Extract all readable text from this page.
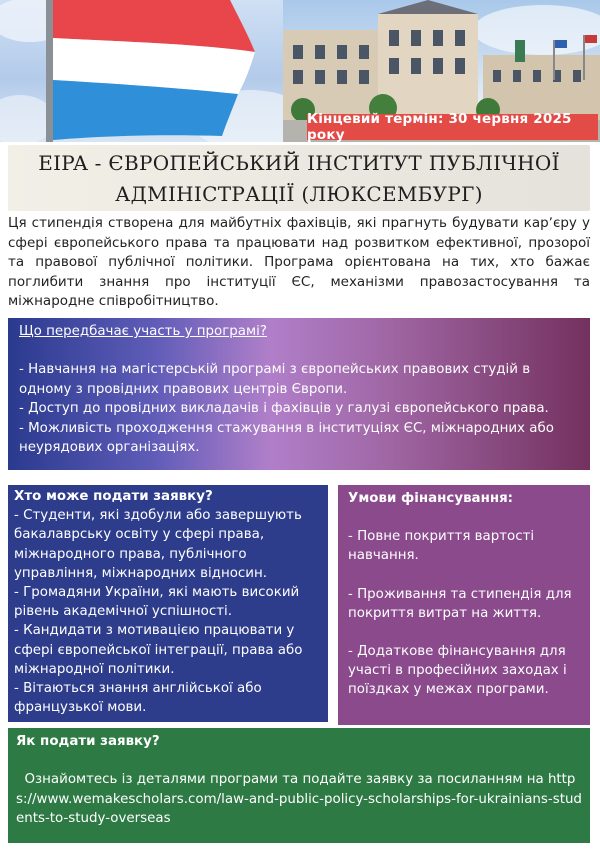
Кінцевий термін: 30 червня 2025 року
EIPA - ЄВРОПЕЙСЬКИЙ ІНСТИТУТ ПУБЛІЧНОЇ
АДМІНІСТРАЦІЇ (ЛЮКСЕМБУРГ)
Ця стипендія створена для майбутніх фахівців, які прагнуть будувати карʼєру у сфері європейського права та працювати над розвитком ефективної, прозорої та правової публічної політики. Програма орієнтована на тих, хто бажає поглибити знання про інституції ЄС, механізми правозастосування та міжнародне співробітництво.
Що передбачає участь у програмі?

- Навчання на магістерській програмі з європейських правових студій в одному з провідних правових центрів Європи.

- Доступ до провідних викладачів і фахівців у галузі європейського права.

- Можливість проходження стажування в інституціях ЄС, міжнародних або неурядових організаціях.

Хто може подати заявку?

- Студенти, які здобули або завершують бакалаврську освіту у сфері права, міжнародного права, публічного управління, міжнародних відносин.

- Громадяни України, які мають високий рівень академічної успішності.

- Кандидати з мотивацією працювати у сфері європейської інтеграції, права або міжнародної політики.

- Вітаються знання англійської або французької мови.

Умови фінансування:

- Повне покриття вартості навчання.

- Проживання та стипендія для покриття витрат на життя.

- Додаткове фінансування для участі в професійних заходах і поїздках у межах програми.

Як подати заявку?

Ознайомтесь із деталями програми та подайте заявку за посиланням на https://www.wemakescholars.com/law-and-public-policy-scholarships-for-ukrainians-students-to-study-overseas
